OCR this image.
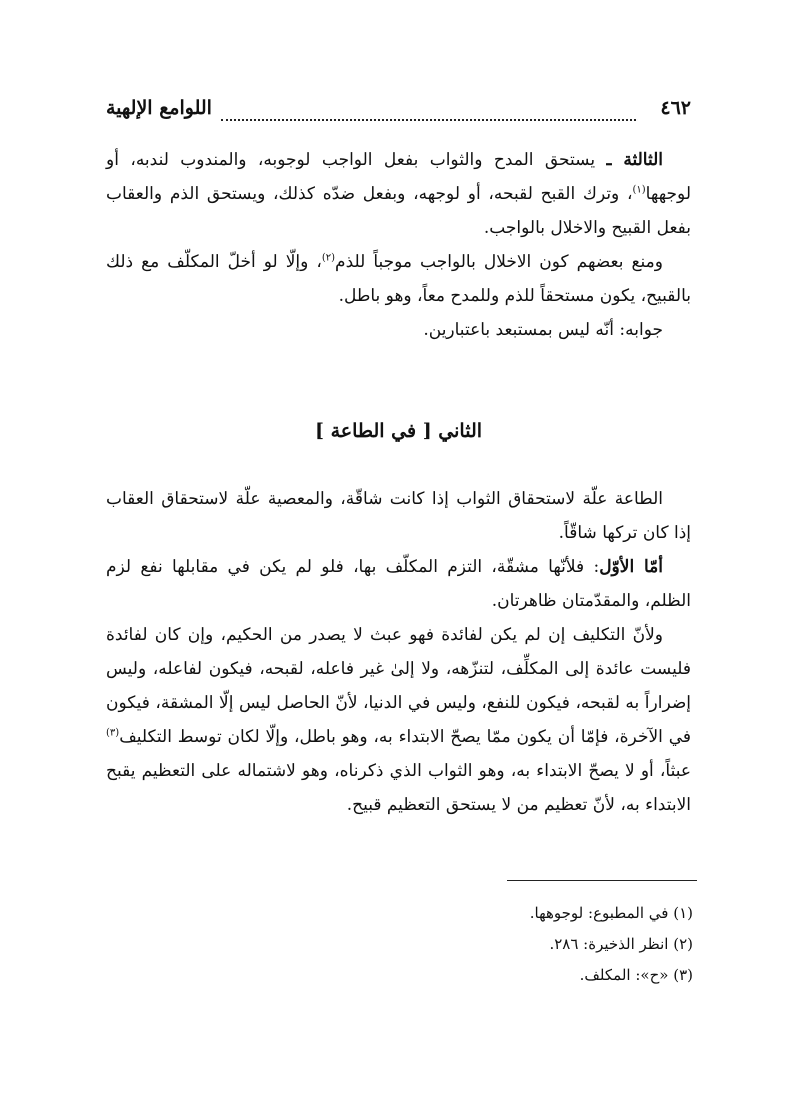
٤٦٢
اللوامع الإلهية

الثالثة ـ يستحق المدح والثواب بفعل الواجب لوجوبه، والمندوب لندبه، أو لوجهها$^{(١)}$، وترك القبح لقبحه، أو لوجهه، وبفعل ضدّه كذلك، ويستحق الذم والعقاب بفعل القبيح والاخلال بالواجب.

ومنع بعضهم كون الاخلال بالواجب موجباً للذم$^{(٢)}$، وإلّا لو أخلّ المكلّف مع ذلك بالقبيح، يكون مستحقاً للذم وللمدح معاً، وهو باطل.

جوابه: أنّه ليس بمستبعد باعتبارين.

الثاني [ في الطاعة ]

الطاعة علّة لاستحقاق الثواب إذا كانت شاقّة، والمعصية علّة لاستحقاق العقاب إذا كان تركها شاقّاً.

أمّا الأوّل: فلأنّها مشقّة، التزم المكلّف بها، فلو لم يكن في مقابلها نفع لزم الظلم، والمقدّمتان ظاهرتان.

ولأنّ التكليف إن لم يكن لفائدة فهو عبث لا يصدر من الحكيم، وإن كان لفائدة فليست عائدة إلى المكلِّف، لتنزّهه، ولا إلىٰ غير فاعله، لقبحه، فيكون لفاعله، وليس إضراراً به لقبحه، فيكون للنفع، وليس في الدنيا، لأنّ الحاصل ليس إلّا المشقة، فيكون في الآخرة، فإمّا أن يكون ممّا يصحّ الابتداء به، وهو باطل، وإلّا لكان توسط التكليف$^{(٣)}$ عبثاً، أو لا يصحّ الابتداء به، وهو الثواب الذي ذكرناه، وهو لاشتماله على التعظيم يقبح الابتداء به، لأنّ تعظيم من لا يستحق التعظيم قبيح.

(١) في المطبوع: لوجوهها.

(٢) انظر الذخيرة: ٢٨٦.

(٣) «ح»: المكلف.
